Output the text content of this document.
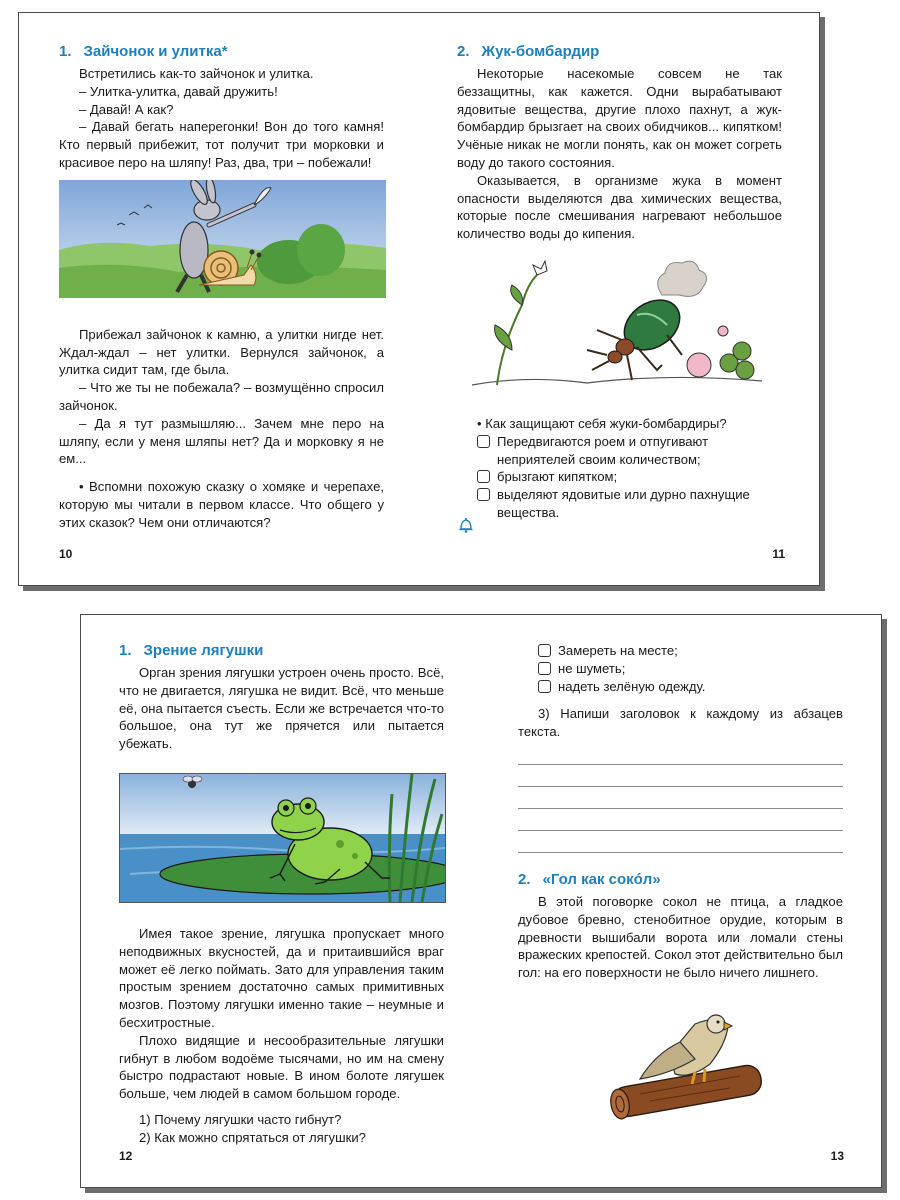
1. Зайчонок и улитка*

Встретились как-то зайчонок и улитка.

– Улитка-улитка, давай дружить!

– Давай! А как?

– Давай бегать наперегонки! Вон до того камня! Кто первый прибежит, тот получит три морковки и красивое перо на шляпу! Раз, два, три – побежали!

Прибежал зайчонок к камню, а улитки нигде нет. Ждал-ждал – нет улитки. Вернулся зайчонок, а улитка сидит там, где была.

– Что же ты не побежала? – возмущённо спросил зайчонок.

– Да я тут размышляю... Зачем мне перо на шляпу, если у меня шляпы нет? Да и морковку я не ем...

• Вспомни похожую сказку о хомяке и черепахе, которую мы читали в первом классе. Что общего у этих сказок? Чем они отличаются?

10
2. Жук-бомбардир

Некоторые насекомые совсем не так беззащитны, как кажется. Одни вырабатывают ядовитые вещества, другие плохо пахнут, а жук-бомбардир брызгает на своих обидчиков... кипятком! Учёные никак не могли понять, как он может согреть воду до такого состояния.

Оказывается, в организме жука в момент опасности выделяются два химических вещества, которые после смешивания нагревают небольшое количество воды до кипения.

• Как защищают себя жуки-бомбардиры?

Передвигаются роем и отпугивают неприятелей своим количеством;
брызгают кипятком;
выделяют ядовитые или дурно пахнущие вещества.
11
1. Зрение лягушки

Орган зрения лягушки устроен очень просто. Всё, что не двигается, лягушка не видит. Всё, что меньше её, она пытается съесть. Если же встречается что-то большое, она тут же прячется или пытается убежать.

Имея такое зрение, лягушка пропускает много неподвижных вкусностей, да и притаившийся враг может её легко поймать. Зато для управления таким простым зрением достаточно самых примитивных мозгов. Поэтому лягушки именно такие – неумные и бесхитростные.

Плохо видящие и несообразительные лягушки гибнут в любом водоёме тысячами, но им на смену быстро подрастают новые. В ином болоте лягушек больше, чем людей в самом большом городе.

1) Почему лягушки часто гибнут?

2) Как можно спрятаться от лягушки?

12
Замереть на месте;
не шуметь;
надеть зелёную одежду.

3) Напиши заголовок к каждому из абзацев текста.

2. «Гол как сокóл»

В этой поговорке сокол не птица, а гладкое дубовое бревно, стенобитное орудие, которым в древности вышибали ворота или ломали стены вражеских крепостей. Сокол этот действительно был гол: на его поверхности не было ничего лишнего.

13
